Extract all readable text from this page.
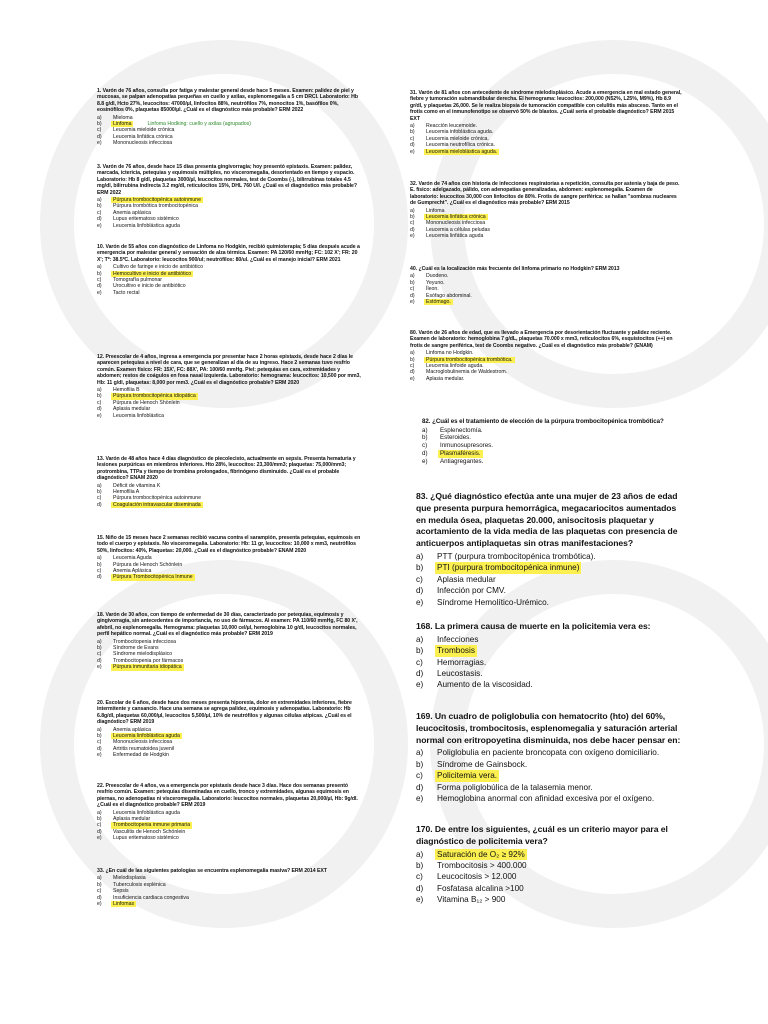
1. Varón de 76 años, consulta por fatiga y malestar general desde hace 5 meses. Examen: palidez de piel y mucosas, se palpan adenopatías pequeñas en cuello y axilas, esplenomegalia a 5 cm DRCI. Laboratorio: Hb 8.8 g/dl, Hcto 27%, leucocitos: 47000/µl, linfocitos 88%, neutrófilos 7%, monocitos 1%, basófilos 0%, eosinófilos 0%, plaquetas 85000/µl. ¿Cuál es el diagnóstico más probable? ERM 2022

a)	Mieloma
b)	Linfoma	Linfoma Hodking: cuello y axilas (agrupados)
c)	Leucemia mieloide crónica
d)	Leucemia linfática crónica
e)	Mononucleosis infecciosa

3. Varón de 76 años, desde hace 15 días presenta gingivorragia; hoy presentó epistaxis. Examen: palidez, marcada, ictericia, petequias y equimosis múltiples, no visceromegalia, desorientado en tiempo y espacio. Laboratorio: Hb 8 g/dl, plaquetas 3000/µl, leucocitos normales, test de Coombs (-), bilirrubinas totales 4.5 mg/dl, bilirrubina indirecta 3.2 mg/dl, reticulocitos 15%, DHL 760 U/l. ¿Cuál es el diagnóstico más probable? ERM 2022

a)	Púrpura trombocitopénica autoinmune
b)	Púrpura trombótica trombocitopénica
c)	Anemia aplásica
d)	Lupus eritematoso sistémico
e)	Leucemia linfoblástica aguda

10. Varón de 55 años con diagnóstico de Linfoma no Hodgkin, recibió quimioterapia; 5 días después acude a emergencia por malestar general y sensación de alza térmica. Examen: PA 120/60 mmHg; FC: 102 X'; FR: 20 X'; Tº: 38.5ºC. Laboratorio: leucocitos 900/ul; neutrófilos: 80/ul. ¿Cuál es el manejo inicial? ERM 2021

a)	Cultivo de faringe e inicio de antibiótico
b)	Hemocultivo e inicio de antibiótico
c)	Tomografía pulmonar
d)	Urocultivo e inicio de antibiótico
e)	Tacto rectal

12. Preescolar de 4 años, ingresa a emergencia por presentar hace 2 horas epistaxis, desde hace 2 días le aparecen petequias a nivel de cara, que se generalizan al día de su ingreso. Hace 2 semanas tuvo resfrío común. Examen físico: FR: 15X', FC: 88X', PA: 100/60 mmHg. Piel: petequias en cara, extremidades y abdomen; restos de coágulos en fosa nasal izquierda. Laboratorio: hemograma: leucocitos: 10,500 por mm3, Hb: 11 g/dl, plaquetas: 8,000 por mm3. ¿Cuál es el diagnóstico probable? ERM 2020

a)	Hemofilia B
b)	Púrpura trombocitopénica idiopática
c)	Púrpura de Henoch Shönlein
d)	Aplasia medular
e)	Leucemia linfoblástica

13. Varón de 48 años hace 4 días diagnóstico de piecolecisto, actualmente en sepsis. Presenta hematuria y lesiones purpúricas en miembros inferiores. Hto 28%, leucocitos: 23,300/mm3; plaquetas: 75,000/mm3; protrombina, TTPa y tiempo de trombina prolongados, fibrinógeno disminuido. ¿Cuál es el probable diagnóstico? ENAM 2020

a)	Déficit de vitamina K
b)	Hemofilia A
c)	Púrpura trombocitopénica autoinmune
d)	Coagulación intravascular diseminada

15. Niño de 15 meses hace 2 semanas recibió vacuna contra el sarampión, presenta petequias, equimosis en todo el cuerpo y epistaxis. No visceromegalia. Laboratorio: Hb: 11 gr, leucocitos: 10,000 x mm3, neutrófilos 50%, linfocitos: 40%, Plaquetas: 20,000. ¿Cuál es el diagnóstico probable? ENAM 2020

a)	Leucemia Aguda
b)	Púrpura de Henoch Schönlein
c)	Anemia Aplásica
d)	Púrpura Trombocitopénica Inmune

18. Varón de 30 años, con tiempo de enfermedad de 30 días, caracterizado por petequias, equimosis y gingivorragia, sin antecedentes de importancia, no uso de fármacos. Al examen: PA 110/60 mmHg, FC 80 X', afebril, no esplenomegalia. Hemograma: plaquetas 10,000 cel/µl, hemoglobina 10 g/dl, leucocitos normales, perfil hepático normal. ¿Cuál es el diagnóstico más probable? ERM 2019

a)	Trombocitopenia infecciosa
b)	Síndrome de Evans
c)	Síndrome mielodisplásico
d)	Trombocitopenia por fármacos
e)	Púrpura inmunitaria idiopática

20. Escolar de 6 años, desde hace dos meses presenta hiporexia, dolor en extremidades inferiores, fiebre intermitente y cansancio. Hace una semana se agrega palidez, equimosis y adenopatías. Laboratorio: Hb 6.8g/dl, plaquetas 60,000/µl, leucocitos 5,500/µl, 10% de neutrófilos y algunas células atípicas. ¿Cuál es el diagnóstico? ERM 2019

a)	Anemia aplásica
b)	Leucemia linfoblástica aguda
c)	Mononucleosis infecciosa
d)	Artritis reumatoidea juvenil
e)	Enfermedad de Hodgkin

22. Preescolar de 4 años, va a emergencia por epistaxis desde hace 3 días. Hace dos semanas presentó resfrío común. Examen: petequias diseminadas en cuello, tronco y extremidades, algunas equimosis en piernas, no adenopatías ni visceromegalia. Laboratorio: leucocitos normales, plaquetas 20,000/µl, Hb: 9g/dl. ¿Cuál es el diagnóstico probable? ERM 2019

a)	Leucemia linfoblástica aguda
b)	Aplasia medular
c)	Trombocitopenia inmune primaria
d)	Vasculitis de Henoch Schönlein
e)	Lupus eritematoso sistémico

33. ¿En cuál de las siguientes patologías se encuentra esplenomegalia masiva? ERM 2014 EXT

a)	Mielodisplasia
b)	Tuberculosis esplénica
c)	Sepsis
d)	Insuficiencia cardiaca congestiva
e)	Linfomas

31. Varón de 81 años con antecedente de síndrome mielodisplásico. Acude a emergencia en mal estado general, fiebre y tumoración submandibular derecha. El hemograma: leucocitos: 200,000 (N52%, L25%, M9%), Hb 8.9 gr/dl, y plaquetas 26,000. Se le realiza biopsia de tumoración compatible con celulitis más absceso. Tanto en el frotis como en el inmunofenotipo se observó 50% de blastos. ¿Cuál sería el probable diagnóstico? ERM 2015 EXT

a)	Reacción leucemoide.
b)	Leucemia infoblástica aguda.
c)	Leucemia mieloide crónica.
d)	Leucemia neutrofílica crónica.
e)	Leucemia mieloblástica aguda.

32. Varón de 74 años con historia de infecciones respiratorias a repetición, consulta por astenia y baja de peso. E. físico: adelgazado, pálido, con adenopatías generalizadas, abdomen: esplenomegalia. Examen de laboratorio: leucocitos 30,000 con linfocitos de 80%. Frotis de sangre periférica: se hallan "sombras nucleares de Gumprecht". ¿Cuál es el diagnóstico más probable? ERM 2015

a)	Linfoma
b)	Leucemia linfática crónica
c)	Mononucleosis infecciosa
d)	Leucemia a células peludas
e)	Leucemia linfática aguda

40. ¿Cuál es la localización más frecuente del linfoma primario no Hodgkin? ERM 2013

a)	Duodeno.
b)	Yeyuno.
c)	Íleon.
d)	Esófago abdominal.
e)	Estómago.

80. Varón de 26 años de edad, que es llevado a Emergencia por desorientación fluctuante y palidez reciente. Examen de laboratorio: hemoglobina 7 g/dL, plaquetas 70.000 x mm3, reticulocitos 6%, esquistocitos (++) en frotis de sangre periférica, test de Coombs negativo. ¿Cuál es el diagnóstico más probable? (ENAM)

a)	Linfoma no Hodgkin.
b)	Púrpura trombocitopénica trombótica.
c)	Leucemia linfoide aguda.
d)	Macroglobulinemia de Waldestrom.
e)	Aplasia medular.

82. ¿Cuál es el tratamiento de elección de la púrpura trombocitopénica trombótica?

a)	Esplenectomía.
b)	Esteroides.
c)	Inmunosupresores.
d)	Plasmaféresis.
e)	Antiagregantes.

83. ¿Qué diagnóstico efectúa ante una mujer de 23 años de edad que presenta purpura hemorrágica, megacariocitos aumentados en medula ósea, plaquetas 20.000, anisocitosis plaquetar y acortamiento de la vida media de las plaquetas con presencia de anticuerpos antiplaquetas sin otras manifestaciones?

a)	PTT (purpura trombocitopénica trombótica).
b)	PTI (purpura trombocitopénica inmune)
c)	Aplasia medular
d)	Infección por CMV.
e)	Síndrome Hemolítico-Urémico.

168. La primera causa de muerte en la policitemia vera es:

a)	Infecciones
b)	Trombosis
c)	Hemorragias.
d)	Leucostasis.
e)	Aumento de la viscosidad.

169. Un cuadro de poliglobulia con hematocrito (hto) del 60%, leucocitosis, trombocitosis, esplenomegalia y saturación arterial normal con eritropoyetina disminuida, nos debe hacer pensar en:

a)	Poliglobulia en paciente broncopata con oxígeno domiciliario.
b)	Síndrome de Gainsbock.
c)	Policitemia vera.
d)	Forma poliglobúlica de la talasemia menor.
e)	Hemoglobina anormal con afinidad excesiva por el oxígeno.

170. De entre los siguientes, ¿cuál es un criterio mayor para el diagnóstico de policitemia vera?

a)	Saturación de O₂ ≥ 92%
b)	Trombocitosis > 400.000
c)	Leucocitosis > 12.000
d)	Fosfatasa alcalina >100
e)	Vitamina B₁₂ > 900
